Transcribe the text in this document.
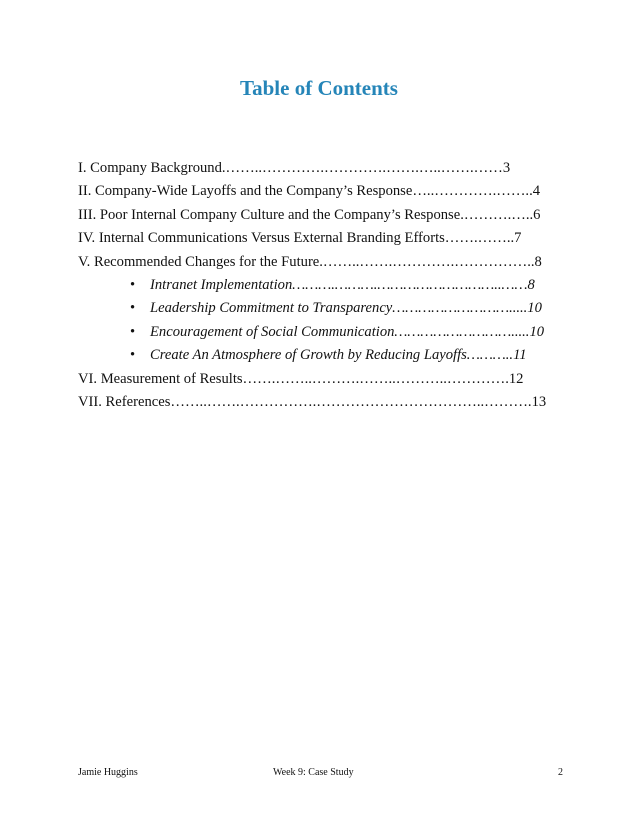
Table of Contents
I. Company Background.……..………….………….…….…..…….……3
II. Company-Wide Layoffs and the Company’s Response…..………….……..4
III. Poor Internal Company Culture and the Company’s Response.……….…..6
IV. Internal Communications Versus External Branding Efforts…….……..7
V. Recommended Changes for the Future.……..…….………….……………..8
• Intranet Implementation……….……….………………………..……8
• Leadership Commitment to Transparency……………………….....10
• Encouragement of Social Communication……………………….....10
• Create An Atmosphere of Growth by Reducing Layoffs………..11
VI. Measurement of Results…….……..……….……..………..………….12
VII. References……..…….…………….……………………………..……….13
Jamie Huggins	Week 9: Case Study	2
